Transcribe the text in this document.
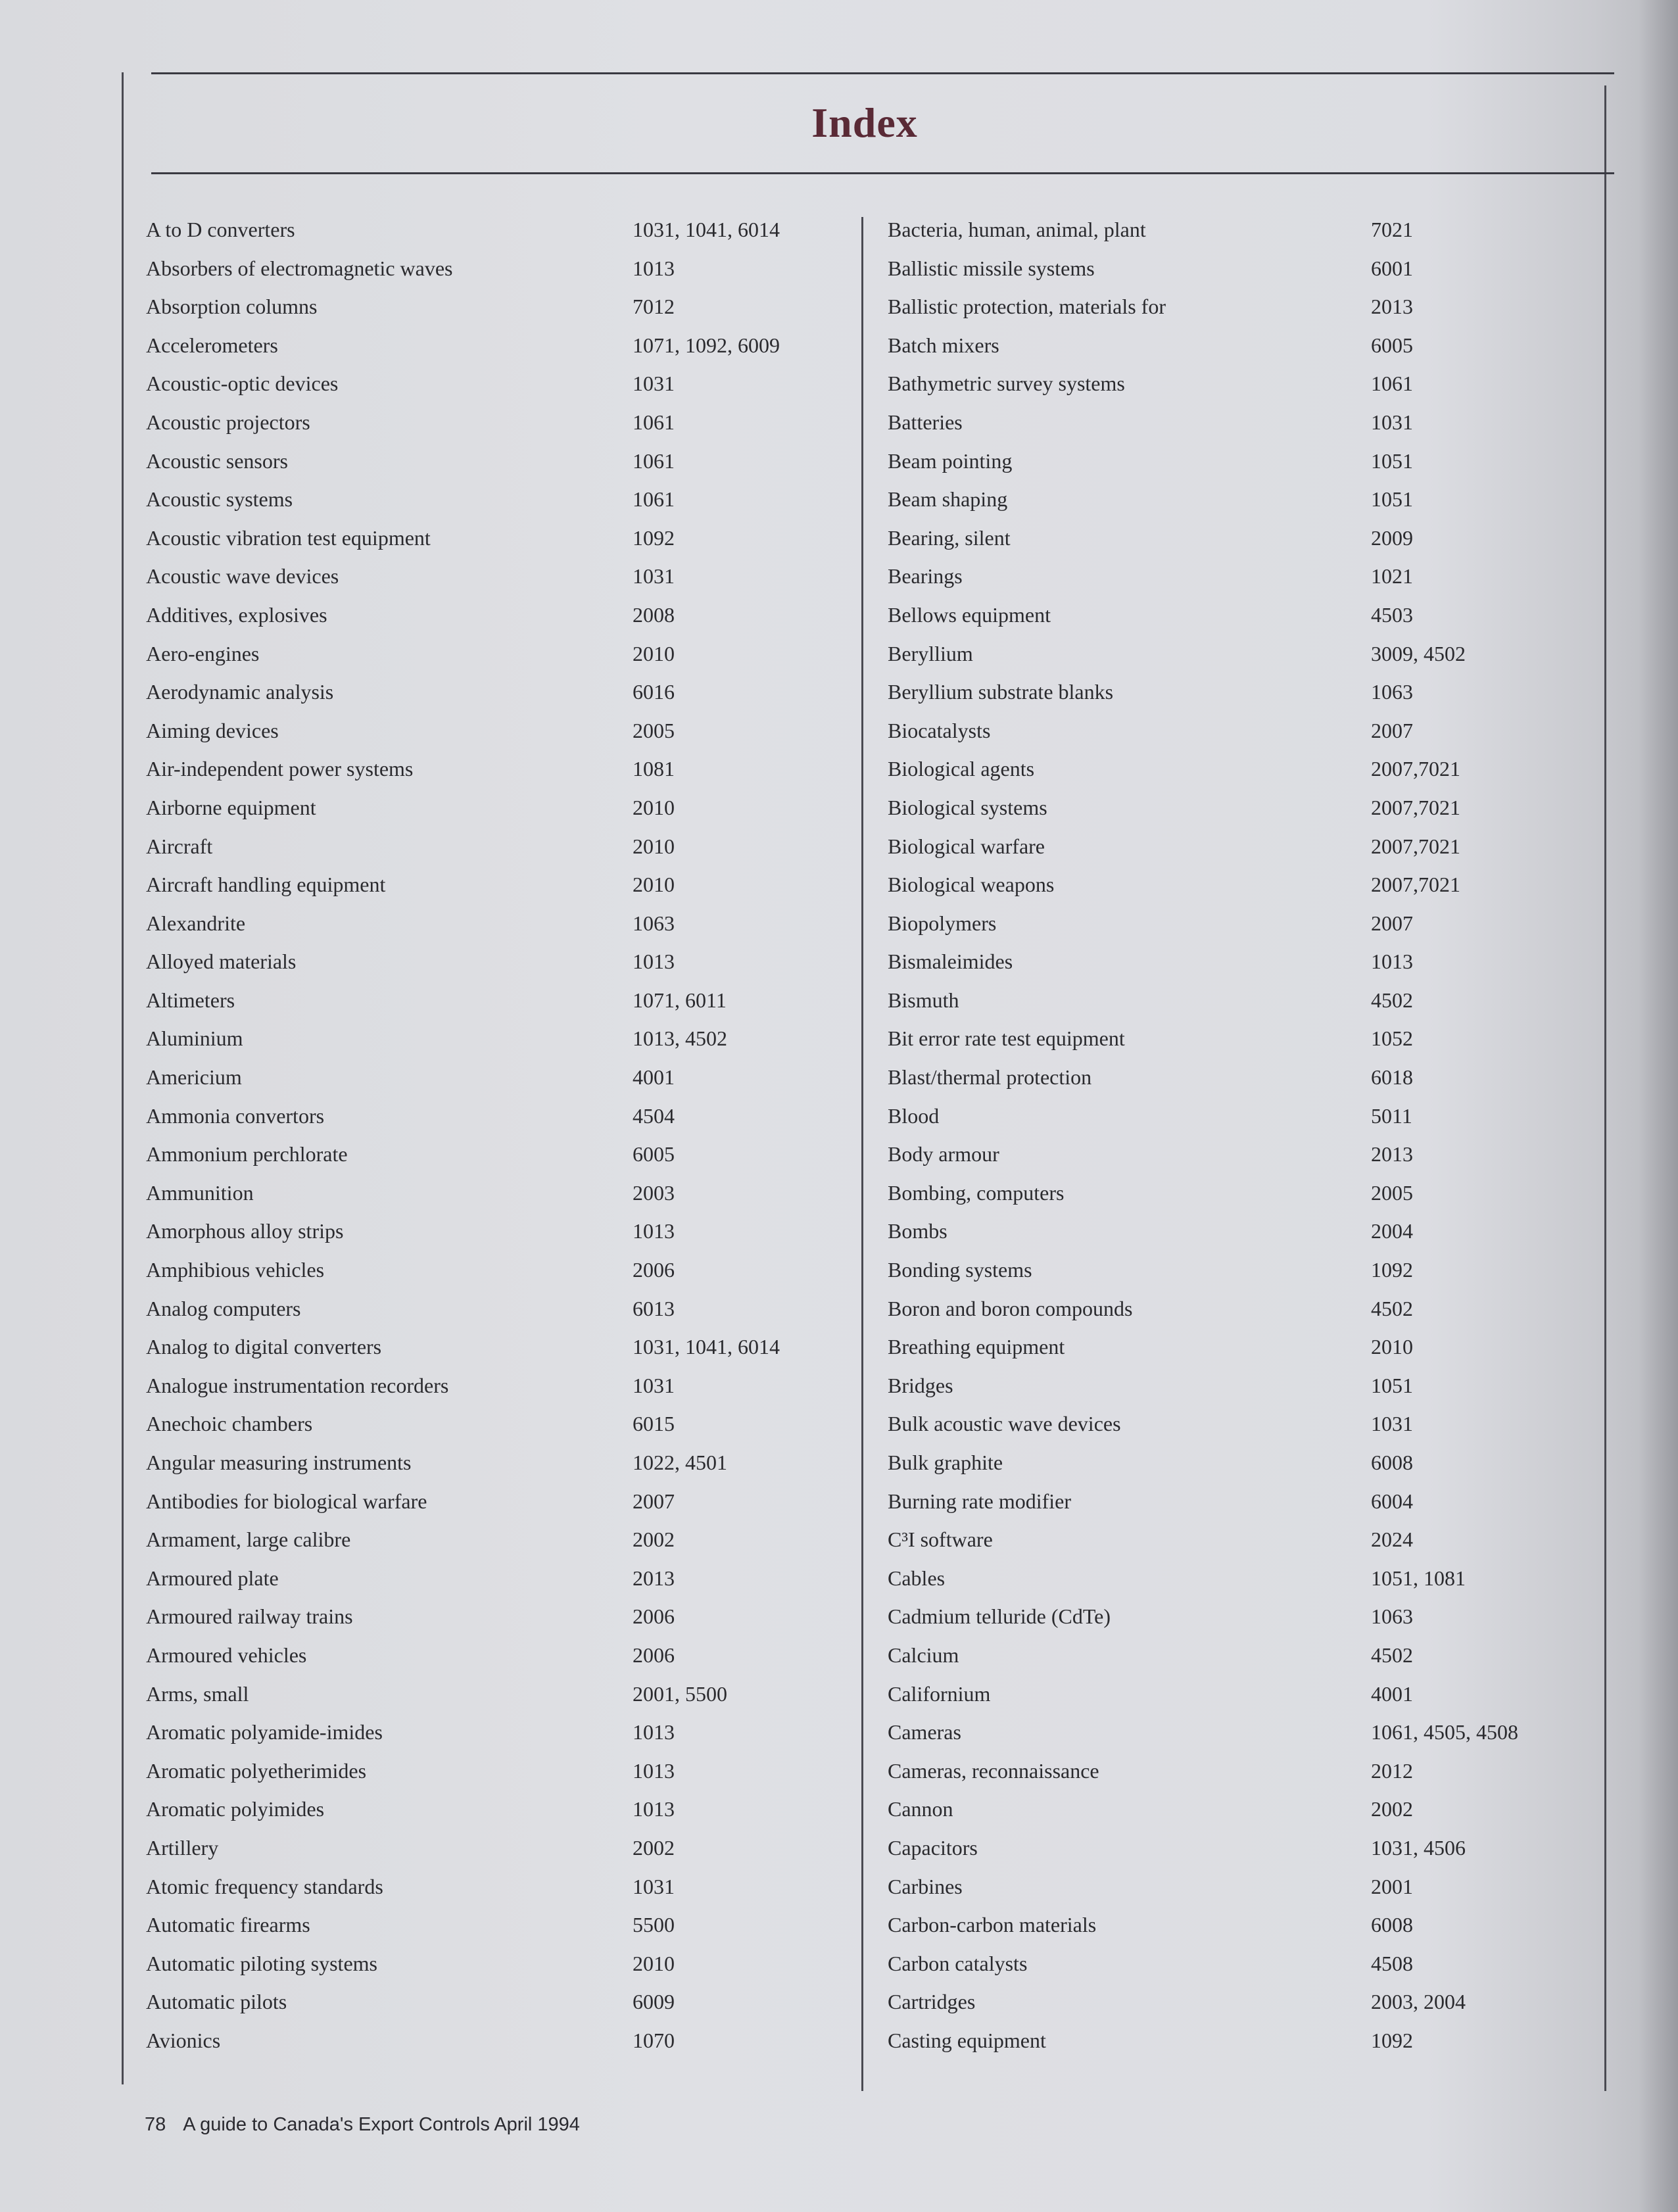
Index
A to D converters	1031, 1041, 6014
Absorbers of electromagnetic waves	1013
Absorption columns	7012
Accelerometers	1071, 1092, 6009
Acoustic-optic devices	1031
Acoustic projectors	1061
Acoustic sensors	1061
Acoustic systems	1061
Acoustic vibration test equipment	1092
Acoustic wave devices	1031
Additives, explosives	2008
Aero-engines	2010
Aerodynamic analysis	6016
Aiming devices	2005
Air-independent power systems	1081
Airborne equipment	2010
Aircraft	2010
Aircraft handling equipment	2010
Alexandrite	1063
Alloyed materials	1013
Altimeters	1071, 6011
Aluminium	1013, 4502
Americium	4001
Ammonia convertors	4504
Ammonium perchlorate	6005
Ammunition	2003
Amorphous alloy strips	1013
Amphibious vehicles	2006
Analog computers	6013
Analog to digital converters	1031, 1041, 6014
Analogue instrumentation recorders	1031
Anechoic chambers	6015
Angular measuring instruments	1022, 4501
Antibodies for biological warfare	2007
Armament, large calibre	2002
Armoured plate	2013
Armoured railway trains	2006
Armoured vehicles	2006
Arms, small	2001, 5500
Aromatic polyamide-imides	1013
Aromatic polyetherimides	1013
Aromatic polyimides	1013
Artillery	2002
Atomic frequency standards	1031
Automatic firearms	5500
Automatic piloting systems	2010
Automatic pilots	6009
Avionics	1070
Bacteria, human, animal, plant	7021
Ballistic missile systems	6001
Ballistic protection, materials for	2013
Batch mixers	6005
Bathymetric survey systems	1061
Batteries	1031
Beam pointing	1051
Beam shaping	1051
Bearing, silent	2009
Bearings	1021
Bellows equipment	4503
Beryllium	3009, 4502
Beryllium substrate blanks	1063
Biocatalysts	2007
Biological agents	2007,7021
Biological systems	2007,7021
Biological warfare	2007,7021
Biological weapons	2007,7021
Biopolymers	2007
Bismaleimides	1013
Bismuth	4502
Bit error rate test equipment	1052
Blast/thermal protection	6018
Blood	5011
Body armour	2013
Bombing, computers	2005
Bombs	2004
Bonding systems	1092
Boron and boron compounds	4502
Breathing equipment	2010
Bridges	1051
Bulk acoustic wave devices	1031
Bulk graphite	6008
Burning rate modifier	6004
C³I software	2024
Cables	1051, 1081
Cadmium telluride (CdTe)	1063
Calcium	4502
Californium	4001
Cameras	1061, 4505, 4508
Cameras, reconnaissance	2012
Cannon	2002
Capacitors	1031, 4506
Carbines	2001
Carbon-carbon materials	6008
Carbon catalysts	4508
Cartridges	2003, 2004
Casting equipment	1092
78 A guide to Canada's Export Controls April 1994
